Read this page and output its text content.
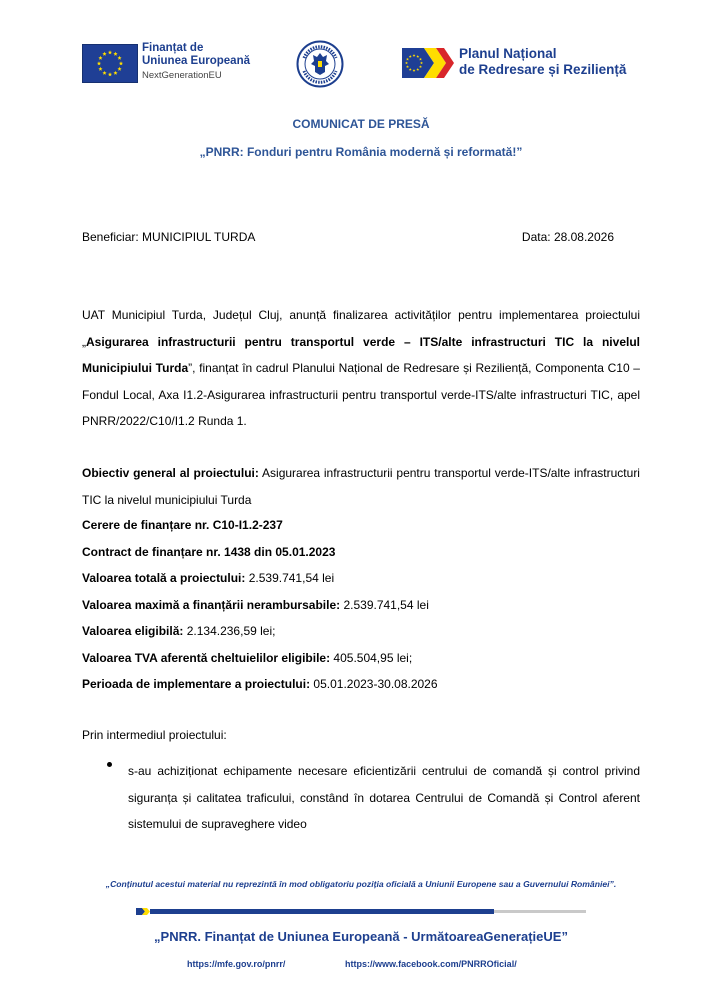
Finanțat de
Uniunea Europeană
NextGenerationEU
Planul Național
de Redresare și Reziliență
COMUNICAT DE PRESĂ
„PNRR: Fonduri pentru România modernă și reformată!”
Beneficiar: MUNICIPIUL TURDA	Data: 28.08.2026
UAT Municipiul Turda, Județul Cluj, anunță finalizarea activităților pentru implementarea proiectului „Asigurarea infrastructurii pentru transportul verde – ITS/alte infrastructuri TIC la nivelul Municipiului Turda”, finanțat în cadrul Planului Național de Redresare și Reziliență, Componenta C10 – Fondul Local, Axa I1.2-Asigurarea infrastructurii pentru transportul verde-ITS/alte infrastructuri TIC, apel PNRR/2022/C10/I1.2 Runda 1.
Obiectiv general al proiectului: Asigurarea infrastructurii pentru transportul verde-ITS/alte infrastructuri TIC la nivelul municipiului Turda
Cerere de finanțare nr. C10-I1.2-237
Contract de finanțare nr. 1438 din 05.01.2023
Valoarea totală a proiectului: 2.539.741,54 lei
Valoarea maximă a finanțării nerambursabile: 2.539.741,54 lei
Valoarea eligibilă: 2.134.236,59 lei;
Valoarea TVA aferentă cheltuielilor eligibile: 405.504,95 lei;
Perioada de implementare a proiectului: 05.01.2023-30.08.2026
Prin intermediul proiectului:
s-au achiziționat echipamente necesare eficientizării centrului de comandă și control privind siguranța și calitatea traficului, constând în dotarea Centrului de Comandă și Control aferent sistemului de supraveghere video
„Conținutul acestui material nu reprezintă în mod obligatoriu poziția oficială a Uniunii Europene sau a Guvernului României”.
„PNRR. Finanțat de Uniunea Europeană - UrmătoareaGenerațieUE”
https://mfe.gov.ro/pnrr/	https://www.facebook.com/PNRROficial/
